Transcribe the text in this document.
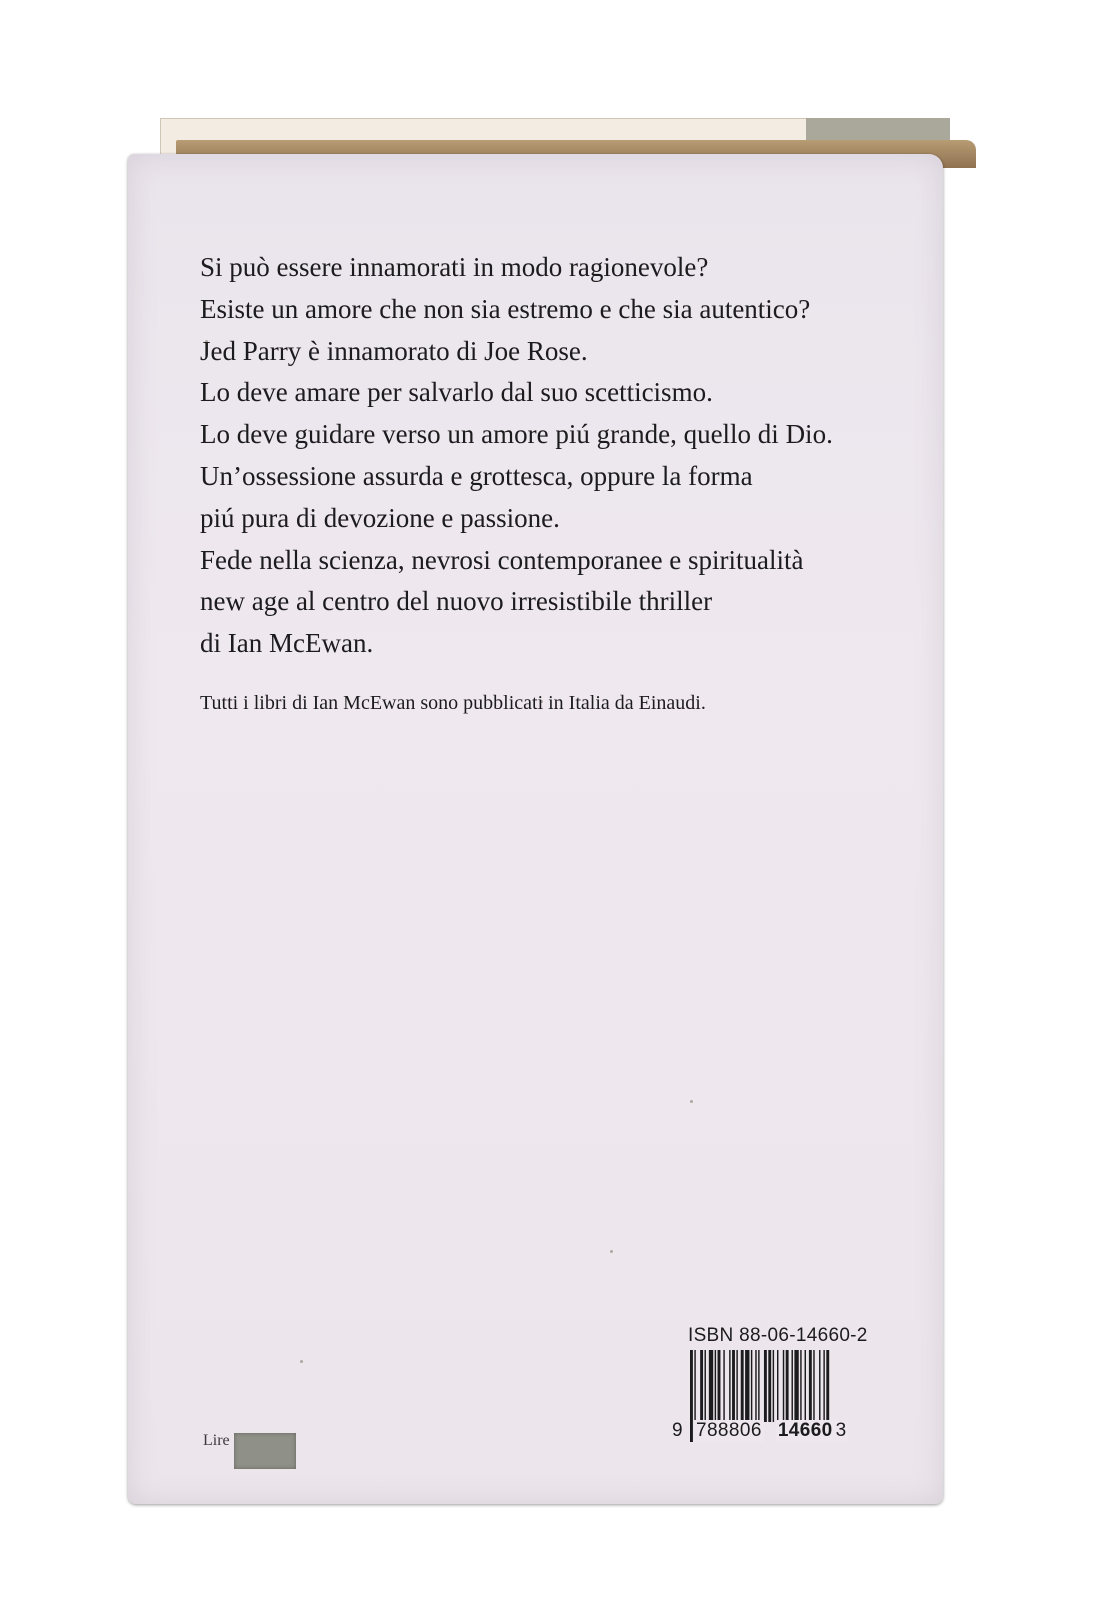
Si può essere innamorati in modo ragionevole?
Esiste un amore che non sia estremo e che sia autentico?
Jed Parry è innamorato di Joe Rose.
Lo deve amare per salvarlo dal suo scetticismo.
Lo deve guidare verso un amore piú grande, quello di Dio.
Un’ossessione assurda e grottesca, oppure la forma
piú pura di devozione e passione.
Fede nella scienza, nevrosi contemporanee e spiritualità
new age al centro del nuovo irresistibile thriller
di Ian McEwan.
Tutti i libri di Ian McEwan sono pubblicati in Italia da Einaudi.
ISBN 88-06-14660-2
9 788806 14660 3
Lire
